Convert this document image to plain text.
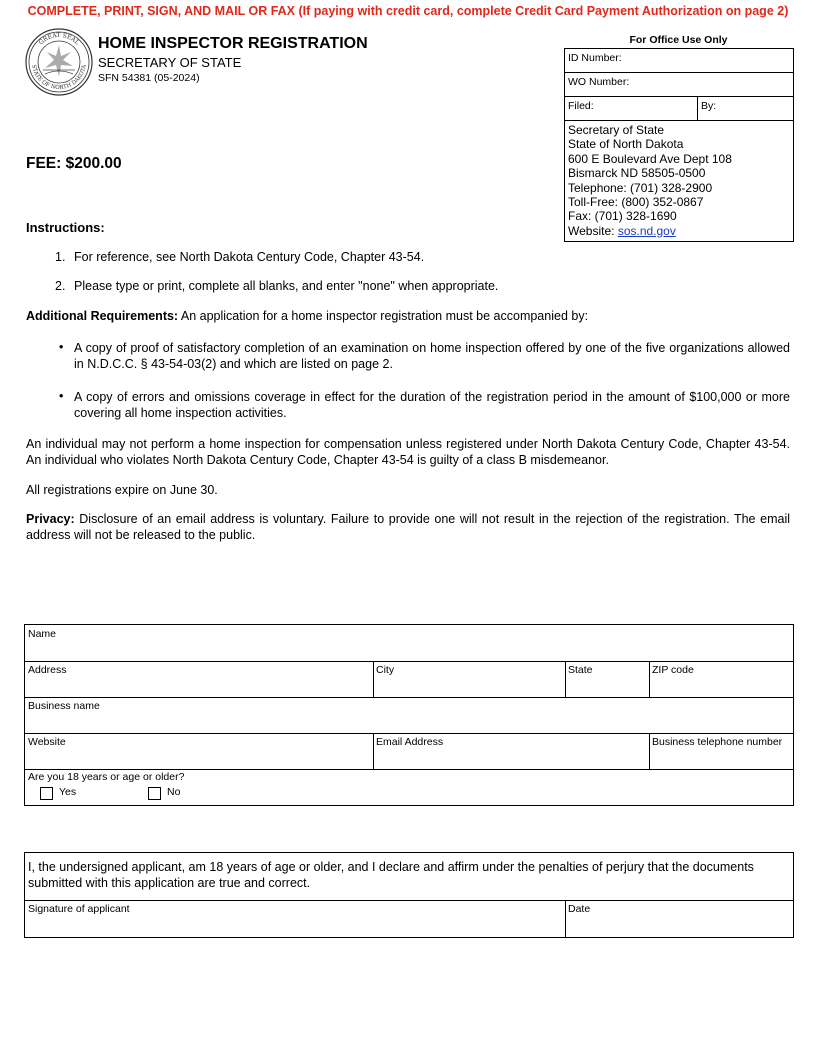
COMPLETE, PRINT, SIGN, AND MAIL OR FAX (If paying with credit card, complete Credit Card Payment Authorization on page 2)
GREAT SEAL
STATE OF NORTH DAKOTA
HOME INSPECTOR REGISTRATION
SECRETARY OF STATE
SFN 54381 (05-2024)
For Office Use Only
ID Number:
WO Number:
Filed:	By:
Secretary of State
State of North Dakota
600 E Boulevard Ave Dept 108
Bismarck ND 58505-0500
Telephone: (701) 328-2900
Toll-Free: (800) 352-0867
Fax: (701) 328-1690
Website: sos.nd.gov
FEE: $200.00
Instructions:
1. For reference, see North Dakota Century Code, Chapter 43-54.
2. Please type or print, complete all blanks, and enter "none" when appropriate.
Additional Requirements: An application for a home inspector registration must be accompanied by:
• A copy of proof of satisfactory completion of an examination on home inspection offered by one of the five organizations allowed in N.D.C.C. § 43-54-03(2) and which are listed on page 2.
• A copy of errors and omissions coverage in effect for the duration of the registration period in the amount of $100,000 or more covering all home inspection activities.
An individual may not perform a home inspection for compensation unless registered under North Dakota Century Code, Chapter 43-54. An individual who violates North Dakota Century Code, Chapter 43-54 is guilty of a class B misdemeanor.
All registrations expire on June 30.
Privacy: Disclosure of an email address is voluntary. Failure to provide one will not result in the rejection of the registration. The email address will not be released to the public.
Name
Address	City	State	ZIP code
Business name
Website	Email Address	Business telephone number
Are you 18 years or age or older?
Yes	No
I, the undersigned applicant, am 18 years of age or older, and I declare and affirm under the penalties of perjury that the documents submitted with this application are true and correct.
Signature of applicant	Date
